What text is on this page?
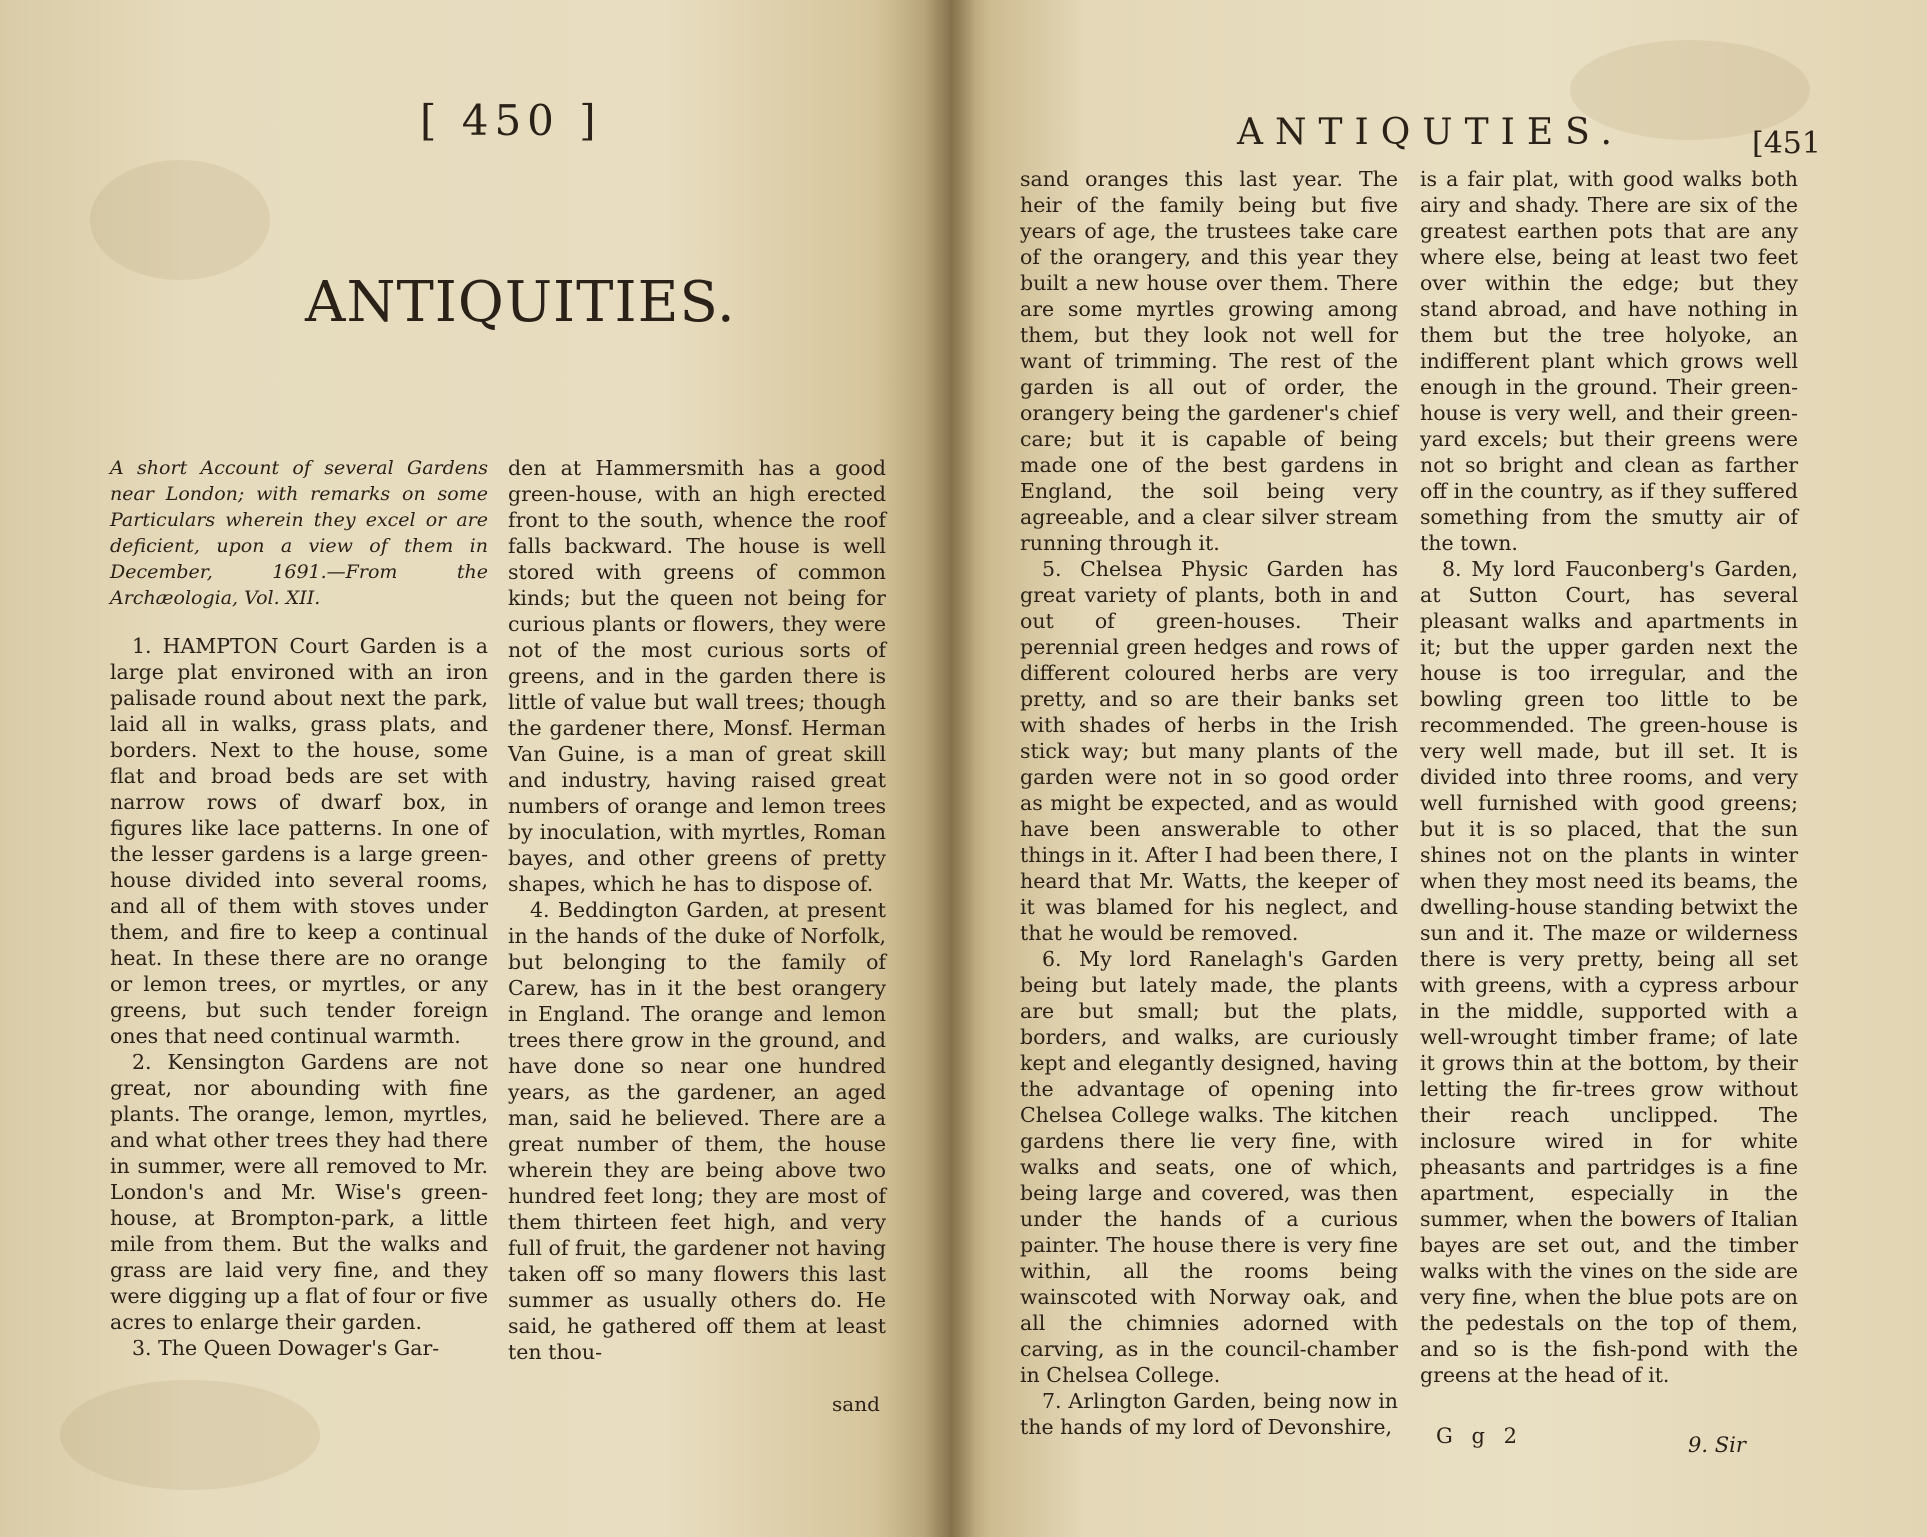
[ 450 ]
ANTIQUITIES.
A short Account of several Gardens near London; with remarks on some Particulars wherein they excel or are deficient, upon a view of them in December, 1691.—From the Archæologia, Vol. XII.

1. HAMPTON Court Garden is a large plat environed with an iron palisade round about next the park, laid all in walks, grass plats, and borders. Next to the house, some flat and broad beds are set with narrow rows of dwarf box, in figures like lace patterns. In one of the lesser gardens is a large green-house divided into several rooms, and all of them with stoves under them, and fire to keep a continual heat. In these there are no orange or lemon trees, or myrtles, or any greens, but such tender foreign ones that need continual warmth.

2. Kensington Gardens are not great, nor abounding with fine plants. The orange, lemon, myrtles, and what other trees they had there in summer, were all removed to Mr. London's and Mr. Wise's green-house, at Brompton-park, a little mile from them. But the walks and grass are laid very fine, and they were digging up a flat of four or five acres to enlarge their garden.

3. The Queen Dowager's Gar-

den at Hammersmith has a good green-house, with an high erected front to the south, whence the roof falls backward. The house is well stored with greens of common kinds; but the queen not being for curious plants or flowers, they were not of the most curious sorts of greens, and in the garden there is little of value but wall trees; though the gardener there, Monsf. Herman Van Guine, is a man of great skill and industry, having raised great numbers of orange and lemon trees by inoculation, with myrtles, Roman bayes, and other greens of pretty shapes, which he has to dispose of.

4. Beddington Garden, at present in the hands of the duke of Norfolk, but belonging to the family of Carew, has in it the best orangery in England. The orange and lemon trees there grow in the ground, and have done so near one hundred years, as the gardener, an aged man, said he believed. There are a great number of them, the house wherein they are being above two hundred feet long; they are most of them thirteen feet high, and very full of fruit, the gardener not having taken off so many flowers this last summer as usually others do. He said, he gathered off them at least ten thou-

sand
ANTIQUTIES.	[451

sand oranges this last year. The heir of the family being but five years of age, the trustees take care of the orangery, and this year they built a new house over them. There are some myrtles growing among them, but they look not well for want of trimming. The rest of the garden is all out of order, the orangery being the gardener's chief care; but it is capable of being made one of the best gardens in England, the soil being very agreeable, and a clear silver stream running through it.

5. Chelsea Physic Garden has great variety of plants, both in and out of green-houses. Their perennial green hedges and rows of different coloured herbs are very pretty, and so are their banks set with shades of herbs in the Irish stick way; but many plants of the garden were not in so good order as might be expected, and as would have been answerable to other things in it. After I had been there, I heard that Mr. Watts, the keeper of it was blamed for his neglect, and that he would be removed.

6. My lord Ranelagh's Garden being but lately made, the plants are but small; but the plats, borders, and walks, are curiously kept and elegantly designed, having the advantage of opening into Chelsea College walks. The kitchen gardens there lie very fine, with walks and seats, one of which, being large and covered, was then under the hands of a curious painter. The house there is very fine within, all the rooms being wainscoted with Norway oak, and all the chimnies adorned with carving, as in the council-chamber in Chelsea College.

7. Arlington Garden, being now in the hands of my lord of Devonshire,

is a fair plat, with good walks both airy and shady. There are six of the greatest earthen pots that are any where else, being at least two feet over within the edge; but they stand abroad, and have nothing in them but the tree holyoke, an indifferent plant which grows well enough in the ground. Their green-house is very well, and their green-yard excels; but their greens were not so bright and clean as farther off in the country, as if they suffered something from the smutty air of the town.

8. My lord Fauconberg's Garden, at Sutton Court, has several pleasant walks and apartments in it; but the upper garden next the house is too irregular, and the bowling green too little to be recommended. The green-house is very well made, but ill set. It is divided into three rooms, and very well furnished with good greens; but it is so placed, that the sun shines not on the plants in winter when they most need its beams, the dwelling-house standing betwixt the sun and it. The maze or wilderness there is very pretty, being all set with greens, with a cypress arbour in the middle, supported with a well-wrought timber frame; of late it grows thin at the bottom, by their letting the fir-trees grow without their reach unclipped. The inclosure wired in for white pheasants and partridges is a fine apartment, especially in the summer, when the bowers of Italian bayes are set out, and the timber walks with the vines on the side are very fine, when the blue pots are on the pedestals on the top of them, and so is the fish-pond with the greens at the head of it.

G g 2	9. Sir
